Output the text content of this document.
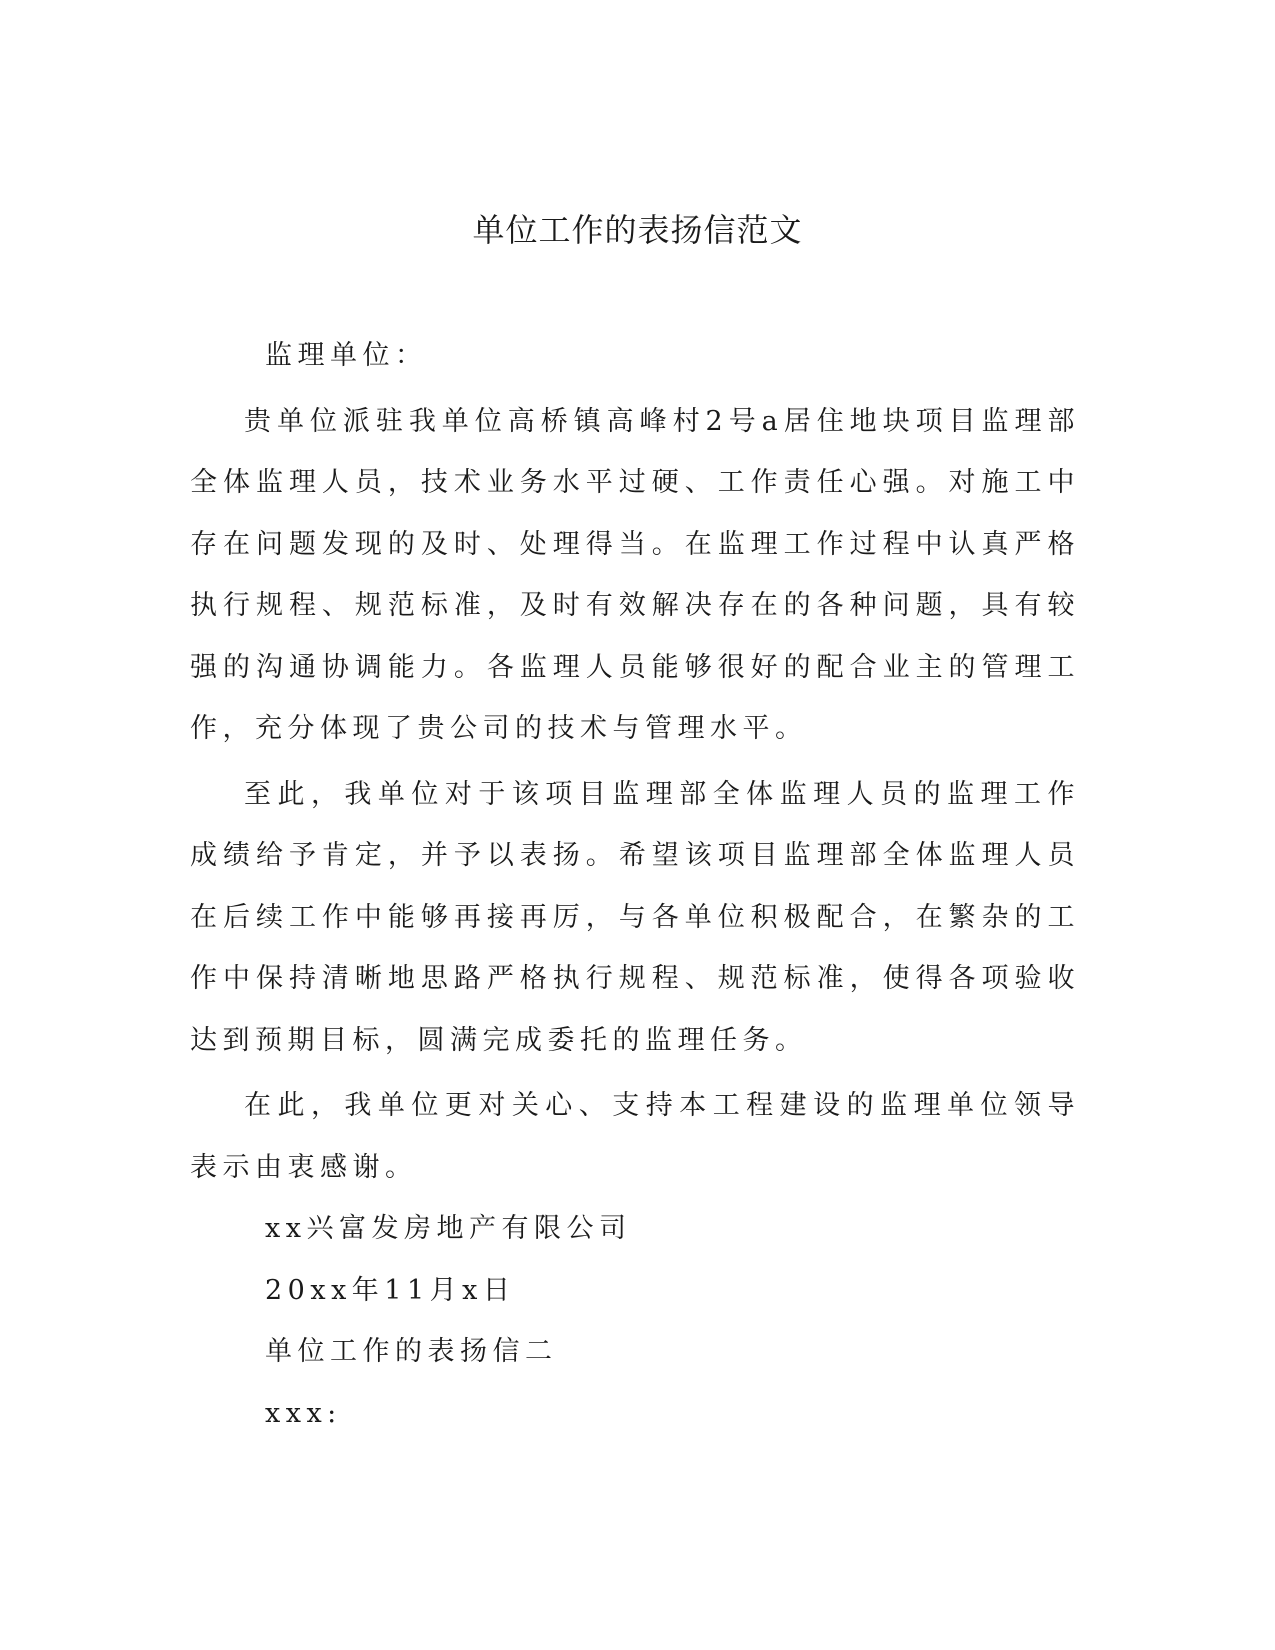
单位工作的表扬信范文

监理单位：

贵单位派驻我单位高桥镇高峰村2号a居住地块项目监理部全体监理人员，技术业务水平过硬、工作责任心强。对施工中存在问题发现的及时、处理得当。在监理工作过程中认真严格执行规程、规范标准，及时有效解决存在的各种问题，具有较强的沟通协调能力。各监理人员能够很好的配合业主的管理工作，充分体现了贵公司的技术与管理水平。

至此，我单位对于该项目监理部全体监理人员的监理工作成绩给予肯定，并予以表扬。希望该项目监理部全体监理人员在后续工作中能够再接再厉，与各单位积极配合，在繁杂的工作中保持清晰地思路严格执行规程、规范标准，使得各项验收达到预期目标，圆满完成委托的监理任务。

在此，我单位更对关心、支持本工程建设的监理单位领导表示由衷感谢。

xx兴富发房地产有限公司

20xx年11月x日

单位工作的表扬信二

xxx:
